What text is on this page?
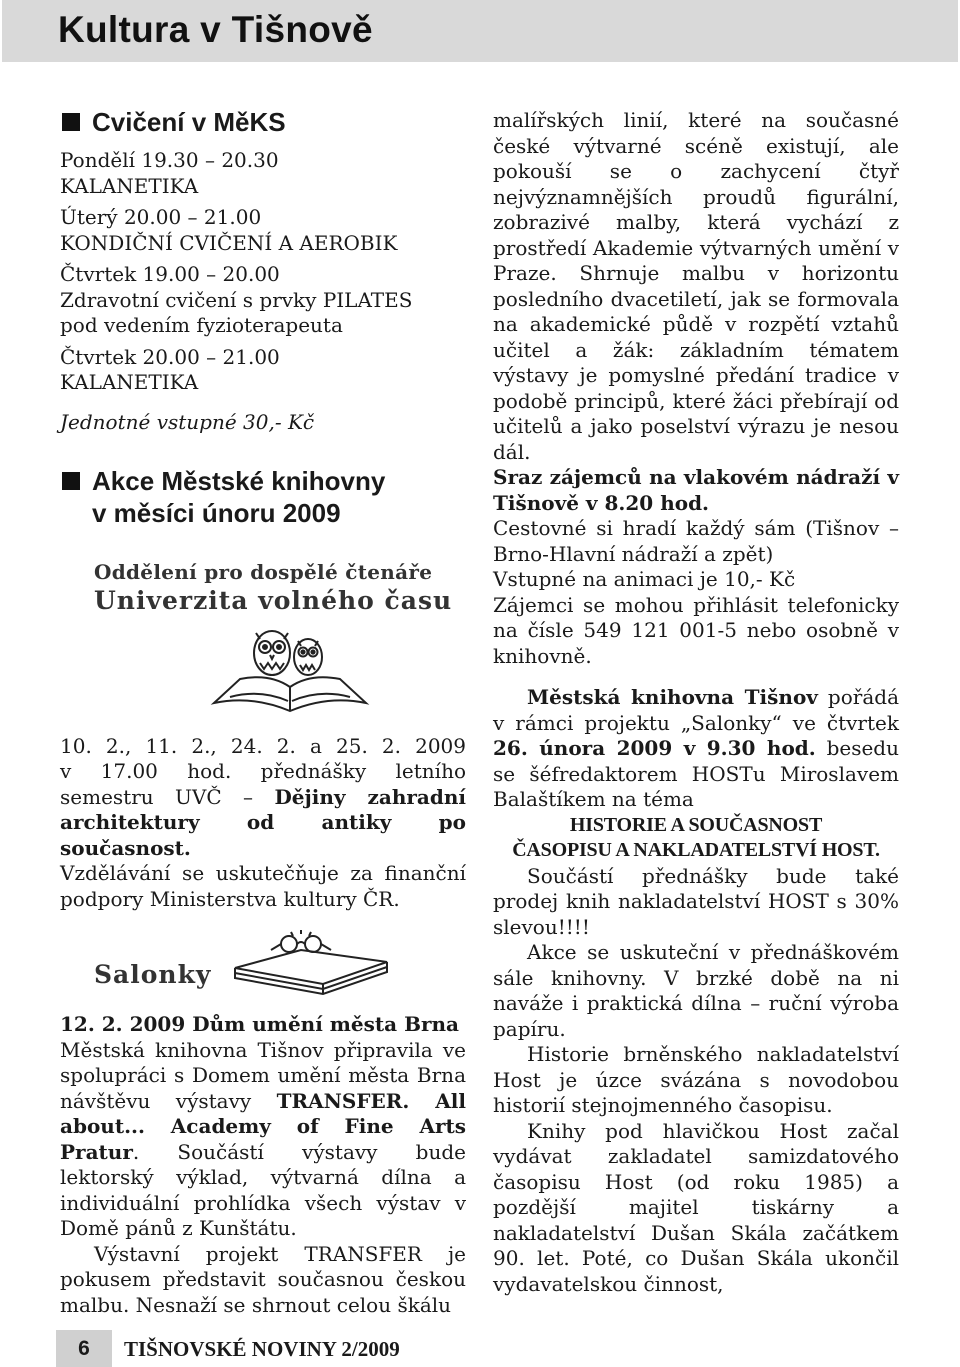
Kultura v Tišnově
Cvičení v MěKS

Pondělí 19.30 – 20.30

KALANETIKA

Úterý 20.00 – 21.00

KONDIČNÍ CVIČENÍ A AEROBIK

Čtvrtek 19.00 – 20.00

Zdravotní cvičení s prvky PILATES

pod vedením fyzioterapeuta

Čtvrtek 20.00 – 21.00

KALANETIKA

Jednotné vstupné 30,- Kč

Akce Městské knihovny
v měsíci únoru 2009
Oddělení pro dospělé čtenáře
Univerzita volného času

10. 2., 11. 2., 24. 2. a 25. 2. 2009

v 17.00 hod. přednášky letního semestru UVČ – Dějiny zahradní architektury od antiky po současnost.

Vzdělávání se uskutečňuje za finanční podpory Ministerstva kultury ČR.

Salonky

12. 2. 2009 Dům umění města Brna

Městská knihovna Tišnov připravila ve spolupráci s Domem umění města Brna návštěvu výstavy TRANSFER. All about... Academy of Fine Arts Pratur. Součástí výstavy bude lektorský výklad, výtvarná dílna a individuální prohlídka všech výstav v Domě pánů z Kunštátu.

Výstavní projekt TRANSFER je pokusem představit současnou českou malbu. Nesnaží se shrnout celou škálu

malířských linií, které na současné české výtvarné scéně existují, ale pokouší se o zachycení čtyř nejvýznamnějších proudů figurální, zobrazivé malby, která vychází z prostředí Akademie výtvarných umění v Praze. Shrnuje malbu v horizontu posledního dvacetiletí, jak se formovala na akademické půdě v rozpětí vztahů učitel a žák: základním tématem výstavy je pomyslné předání tradice v podobě principů, které žáci přebírají od učitelů a jako poselství výrazu je nesou dál.

Sraz zájemců na vlakovém nádraží v Tišnově v 8.20 hod.

Cestovné si hradí každý sám (Tišnov – Brno-Hlavní nádraží a zpět)

Vstupné na animaci je 10,- Kč

Zájemci se mohou přihlásit telefonicky na čísle 549 121 001-5 nebo osobně v knihovně.

Městská knihovna Tišnov pořádá v rámci projektu „Salonky“ ve čtvrtek 26. února 2009 v 9.30 hod. besedu se šéfredaktorem HOSTu Miroslavem Balaštíkem na téma

HISTORIE A SOUČASNOST

ČASOPISU A NAKLADATELSTVÍ HOST.

Součástí přednášky bude také prodej knih nakladatelství HOST s 30% slevou!!!!

Akce se uskuteční v přednáškovém sále knihovny. V brzké době na ni naváže i praktická dílna – ruční výroba papíru.

Historie brněnského nakladatelství Host je úzce svázána s novodobou historií stejnojmenného časopisu.

Knihy pod hlavičkou Host začal vydávat zakladatel samizdatového časopisu Host (od roku 1985) a pozdější majitel tiskárny a nakladatelství Dušan Skála začátkem 90. let. Poté, co Dušan Skála ukončil vydavatelskou činnost,

6	TIŠNOVSKÉ NOVINY 2/2009
